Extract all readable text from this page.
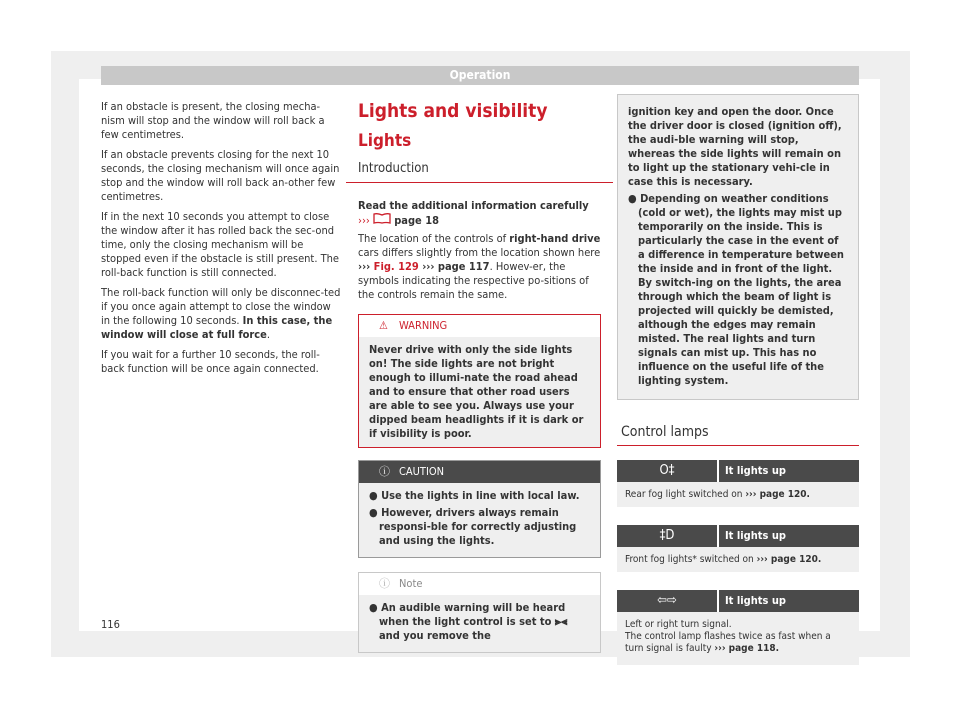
Operation

If an obstacle is present, the closing mecha-nism will stop and the window will roll back a few centimetres.

If an obstacle prevents closing for the next 10 seconds, the closing mechanism will once again stop and the window will roll back an-other few centimetres.

If in the next 10 seconds you attempt to close the window after it has rolled back the sec-ond time, only the closing mechanism will be stopped even if the obstacle is still present. The roll-back function is still connected.

The roll-back function will only be disconnec-ted if you once again attempt to close the window in the following 10 seconds. In this case, the window will close at full force.

If you wait for a further 10 seconds, the roll-back function will be once again connected.

Lights and visibility
Lights
Introduction

Read the additional information carefully
›››  page 18

The location of the controls of right-hand drive cars differs slightly from the location shown here ››› Fig. 129 ››› page 117. Howev-er, the symbols indicating the respective po-sitions of the controls remain the same.

⚠ WARNING
Never drive with only the side lights on! The side lights are not bright enough to illumi-nate the road ahead and to ensure that other road users are able to see you. Always use your dipped beam headlights if it is dark or if visibility is poor.
ⓘ CAUTION
● Use the lights in line with local law.
● However, drivers always remain responsi-ble for correctly adjusting and using the lights.
ⓘ Note
● An audible warning will be heard when the light control is set to ⫸⫷ and you remove the

ignition key and open the door. Once the driver door is closed (ignition off), the audi-ble warning will stop, whereas the side lights will remain on to light up the stationary vehi-cle in case this is necessary.

● Depending on weather conditions (cold or wet), the lights may mist up temporarily on the inside. This is particularly the case in the event of a difference in temperature between the inside and in front of the light. By switch-ing on the lights, the area through which the beam of light is projected will quickly be demisted, although the edges may remain misted. The real lights and turn signals can mist up. This has no influence on the useful life of the lighting system.
Control lamps
O‡	It lights up
Rear fog light switched on ››› page 120.
‡D	It lights up
Front fog lights* switched on ››› page 120.
⇦⇨	It lights up
Left or right turn signal.
The control lamp flashes twice as fast when a turn signal is faulty ››› page 118.
116
